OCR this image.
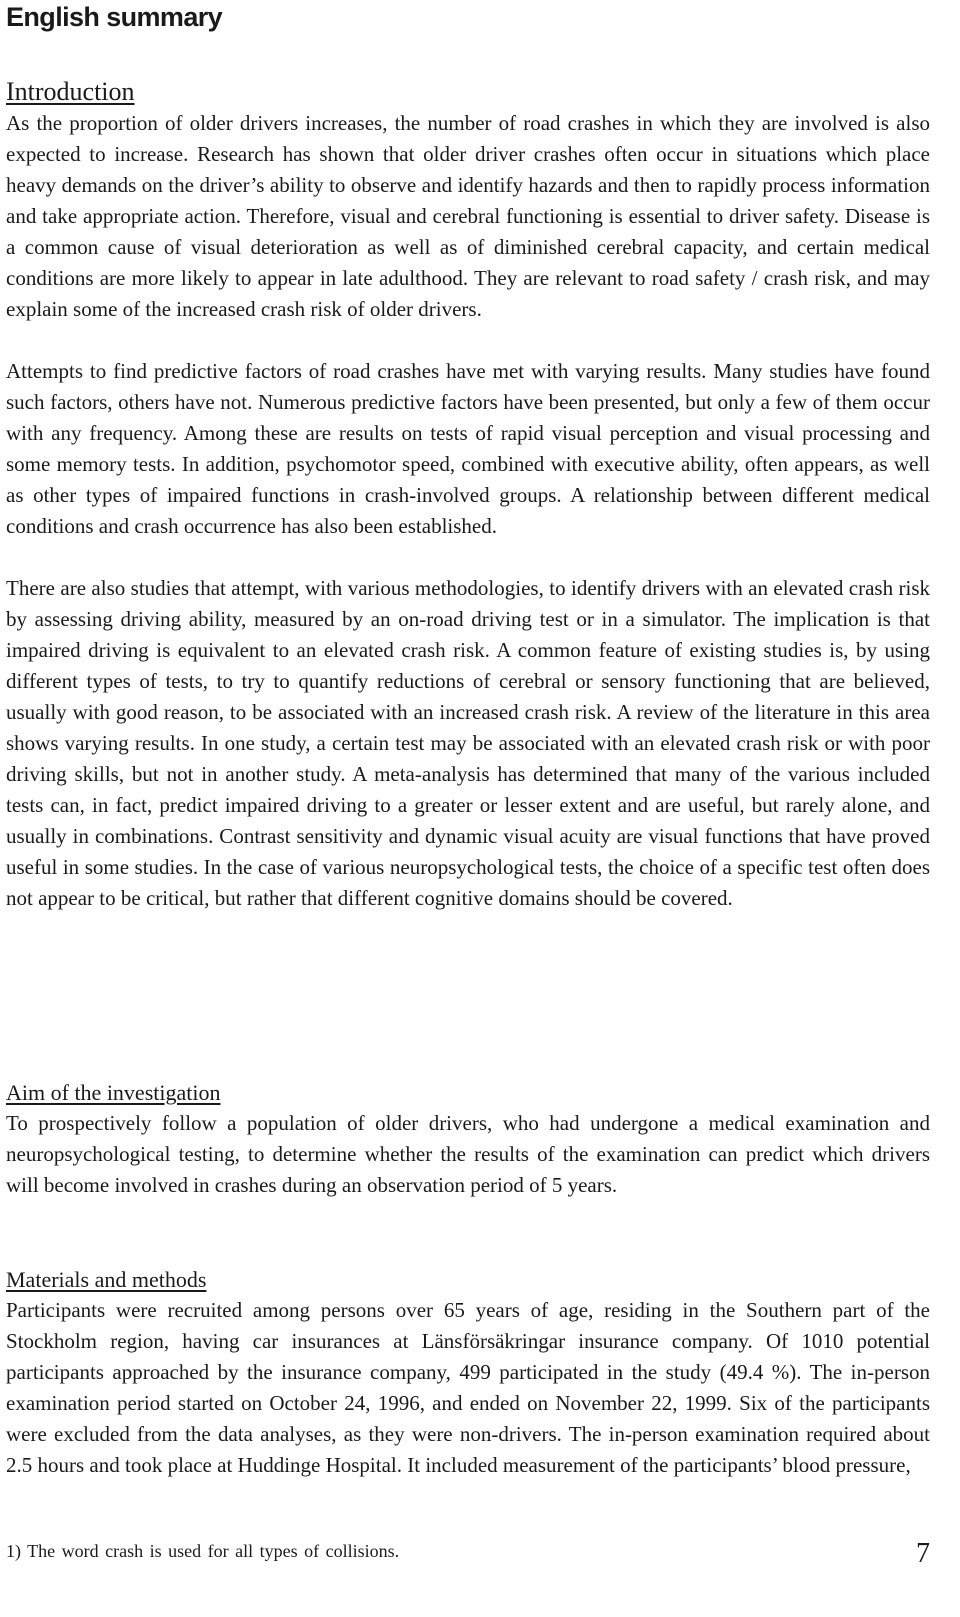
English summary
Introduction

As the proportion of older drivers increases, the number of road crashes in which they are involved is also expected to increase. Research has shown that older driver crashes often occur in situations which place heavy demands on the driver’s ability to observe and identify hazards and then to rapidly process information and take appropriate action. Therefore, visual and cerebral functioning is essential to driver safety. Disease is a common cause of visual deterioration as well as of diminished cerebral capacity, and certain medical conditions are more likely to appear in late adulthood. They are relevant to road safety / crash risk, and may explain some of the increased crash risk of older drivers.

Attempts to find predictive factors of road crashes have met with varying results. Many studies have found such factors, others have not. Numerous predictive factors have been presented, but only a few of them occur with any frequency. Among these are results on tests of rapid visual perception and visual processing and some memory tests. In addition, psychomotor speed, combined with executive ability, often appears, as well as other types of impaired functions in crash-involved groups. A relationship between different medical conditions and crash occurrence has also been established.

There are also studies that attempt, with various methodologies, to identify drivers with an elevated crash risk by assessing driving ability, measured by an on-road driving test or in a simulator. The implication is that impaired driving is equivalent to an elevated crash risk. A common feature of existing studies is, by using different types of tests, to try to quantify reductions of cerebral or sensory functioning that are believed, usually with good reason, to be associated with an increased crash risk. A review of the literature in this area shows varying results. In one study, a certain test may be associated with an elevated crash risk or with poor driving skills, but not in another study. A meta-analysis has determined that many of the various included tests can, in fact, predict impaired driving to a greater or lesser extent and are useful, but rarely alone, and usually in combinations. Contrast sensitivity and dynamic visual acuity are visual functions that have proved useful in some studies. In the case of various neuropsychological tests, the choice of a specific test often does not appear to be critical, but rather that different cognitive domains should be covered.

Aim of the investigation

To prospectively follow a population of older drivers, who had undergone a medical examination and neuropsychological testing, to determine whether the results of the examination can predict which drivers will become involved in crashes during an observation period of 5 years.

Materials and methods

Participants were recruited among persons over 65 years of age, residing in the Southern part of the Stockholm region, having car insurances at Länsförsäkringar insurance company. Of 1010 potential participants approached by the insurance company, 499 participated in the study (49.4 %). The in-person examination period started on October 24, 1996, and ended on November 22, 1999. Six of the participants were excluded from the data analyses, as they were non-drivers. The in-person examination required about 2.5 hours and took place at Huddinge Hospital. It included measurement of the participants’ blood pressure,

1) The word crash is used for all types of collisions.	7
